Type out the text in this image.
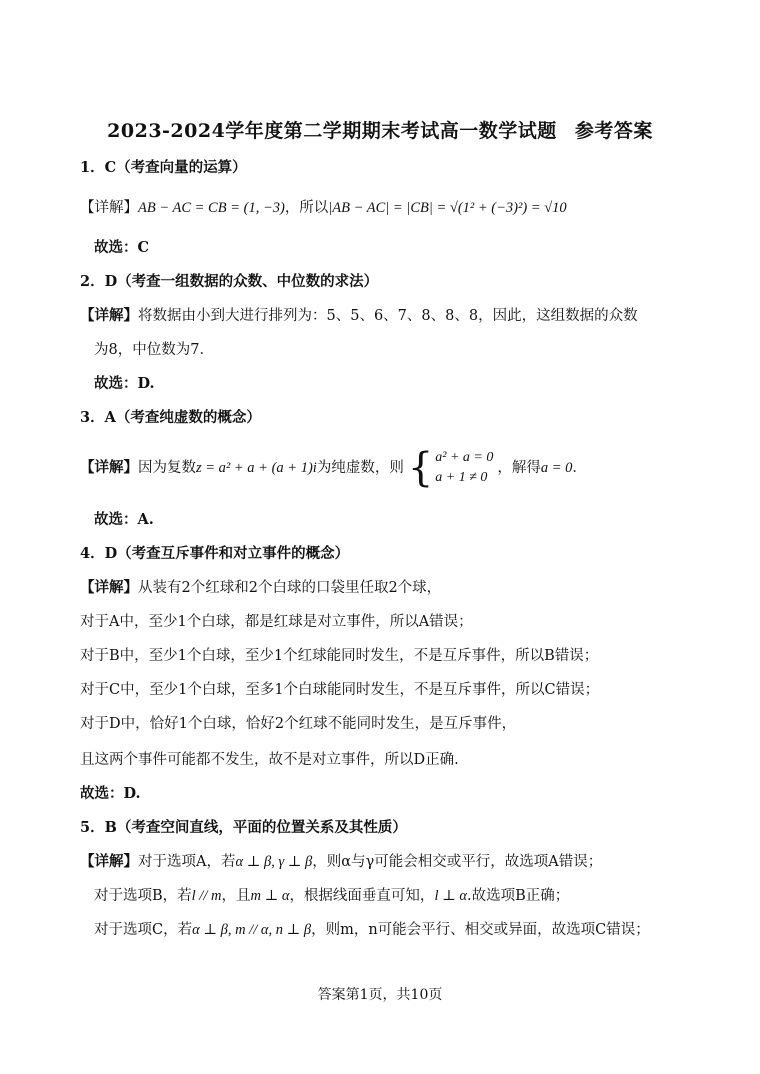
2023-2024学年度第二学期期末考试高一数学试题 参考答案
1．C（考查向量的运算）
【详解】AB − AC = CB = (1, −3)，所以|AB − AC| = |CB| = √(1² + (−3)²) = √10
故选：C
2．D（考查一组数据的众数、中位数的求法）
【详解】将数据由小到大进行排列为：5、5、6、7、8、8、8，因此，这组数据的众数
为8，中位数为7．
故选：D.
3．A（考查纯虚数的概念）
【详解】因为复数z = a² + a + (a + 1)i为纯虚数，则 { a² + a = 0
a + 1 ≠ 0
，解得a = 0．
故选：A.
4．D（考查互斥事件和对立事件的概念）
【详解】从装有2个红球和2个白球的口袋里任取2个球，
对于A中，至少1个白球，都是红球是对立事件，所以A错误；
对于B中，至少1个白球，至少1个红球能同时发生，不是互斥事件，所以B错误；
对于C中，至少1个白球，至多1个白球能同时发生，不是互斥事件，所以C错误；
对于D中，恰好1个白球，恰好2个红球不能同时发生，是互斥事件，
且这两个事件可能都不发生，故不是对立事件，所以D正确.
故选：D.
5．B（考查空间直线，平面的位置关系及其性质）
【详解】对于选项A，若α ⊥ β, γ ⊥ β，则α与γ可能会相交或平行，故选项A错误；
对于选项B，若l // m，且m ⊥ α，根据线面垂直可知，l ⊥ α.故选项B正确；
对于选项C，若α ⊥ β, m // α, n ⊥ β，则m，n可能会平行、相交或异面，故选项C错误；
答案第1页，共10页
